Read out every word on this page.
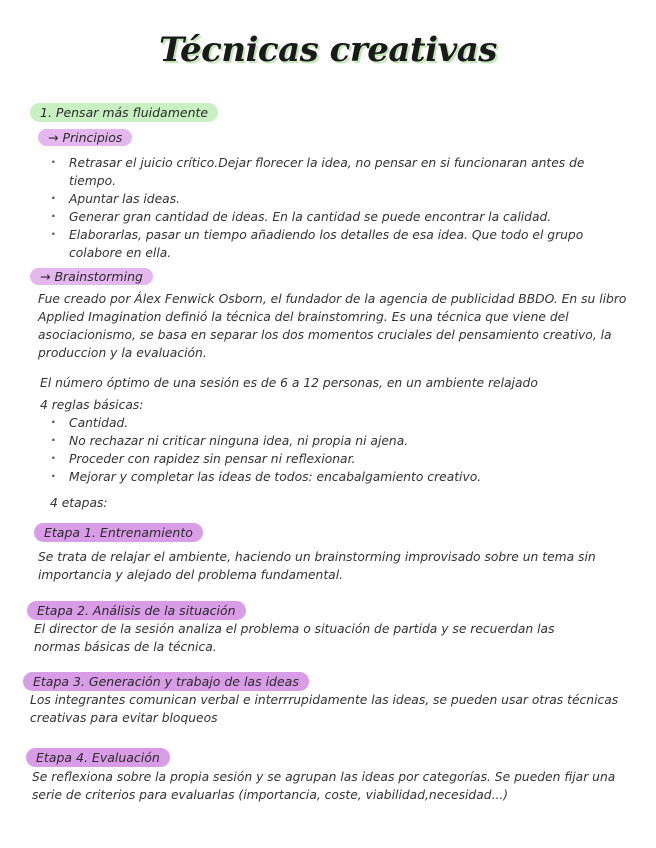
Técnicas creativas
1. Pensar más fluidamente
→ Principios
· Retrasar el juicio crítico.Dejar florecer la idea, no pensar en si funcionaran antes de tiempo.
· Apuntar las ideas.
· Generar gran cantidad de ideas. En la cantidad se puede encontrar la calidad.
· Elaborarlas, pasar un tiempo añadiendo los detalles de esa idea. Que todo el grupo colabore en ella.
→ Brainstorming
Fue creado por Álex Fenwick Osborn, el fundador de la agencia de publicidad BBDO. En su libro Applied Imagination definió la técnica del brainstomring. Es una técnica que viene del asociacionismo, se basa en separar los dos momentos cruciales del pensamiento creativo, la produccion y la evaluación.
El número óptimo de una sesión es de 6 a 12 personas, en un ambiente relajado
4 reglas básicas:
· Cantidad.
· No rechazar ni criticar ninguna idea, ni propia ni ajena.
· Proceder con rapidez sin pensar ni reflexionar.
· Mejorar y completar las ideas de todos: encabalgamiento creativo.
4 etapas:
Etapa 1. Entrenamiento
Se trata de relajar el ambiente, haciendo un brainstorming improvisado sobre un tema sin importancia y alejado del problema fundamental.
Etapa 2. Análisis de la situación
El director de la sesión analiza el problema o situación de partida y se recuerdan las normas básicas de la técnica.
Etapa 3. Generación y trabajo de las ideas
Los integrantes comunican verbal e interrrupidamente las ideas, se pueden usar otras técnicas creativas para evitar bloqueos
Etapa 4. Evaluación
Se reflexiona sobre la propia sesión y se agrupan las ideas por categorías. Se pueden fijar una serie de criterios para evaluarlas (importancia, coste, viabilidad,necesidad...)
